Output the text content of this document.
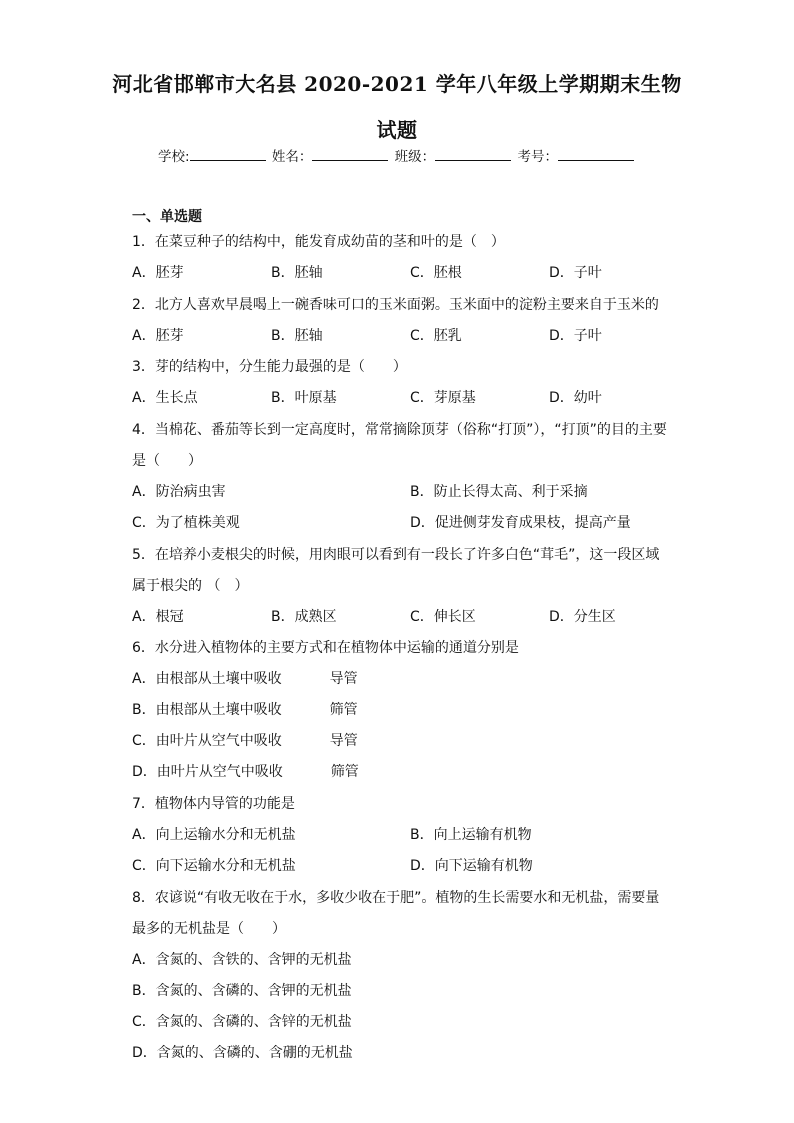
河北省邯郸市大名县 2020-2021 学年八年级上学期期末生物
试题
学校:	姓名：	班级：	考号：
一、单选题
1．在菜豆种子的结构中，能发育成幼苗的茎和叶的是（　）
A．胚芽	B．胚轴	C．胚根	D．子叶
2．北方人喜欢早晨喝上一碗香味可口的玉米面粥。玉米面中的淀粉主要来自于玉米的
A．胚芽	B．胚轴	C．胚乳	D．子叶
3．芽的结构中，分生能力最强的是（　　）
A．生长点	B．叶原基	C．芽原基	D．幼叶
4．当棉花、番茄等长到一定高度时，常常摘除顶芽（俗称“打顶”），“打顶”的目的主要
是（　　）
A．防治病虫害	B．防止长得太高、利于采摘
C．为了植株美观	D．促进侧芽发育成果枝，提高产量
5．在培养小麦根尖的时候，用肉眼可以看到有一段长了许多白色“茸毛”，这一段区域
属于根尖的 （　）
A．根冠	B．成熟区	C．伸长区	D．分生区
6．水分进入植物体的主要方式和在植物体中运输的通道分别是
A．由根部从土壤中吸收	导管
B．由根部从土壤中吸收	筛管
C．由叶片从空气中吸收	导管
D．由叶片从空气中吸收	筛管
7．植物体内导管的功能是
A．向上运输水分和无机盐	B．向上运输有机物
C．向下运输水分和无机盐	D．向下运输有机物
8．农谚说“有收无收在于水，多收少收在于肥”。植物的生长需要水和无机盐，需要量
最多的无机盐是（　　）
A．含氮的、含铁的、含钾的无机盐
B．含氮的、含磷的、含钾的无机盐
C．含氮的、含磷的、含锌的无机盐
D．含氮的、含磷的、含硼的无机盐
